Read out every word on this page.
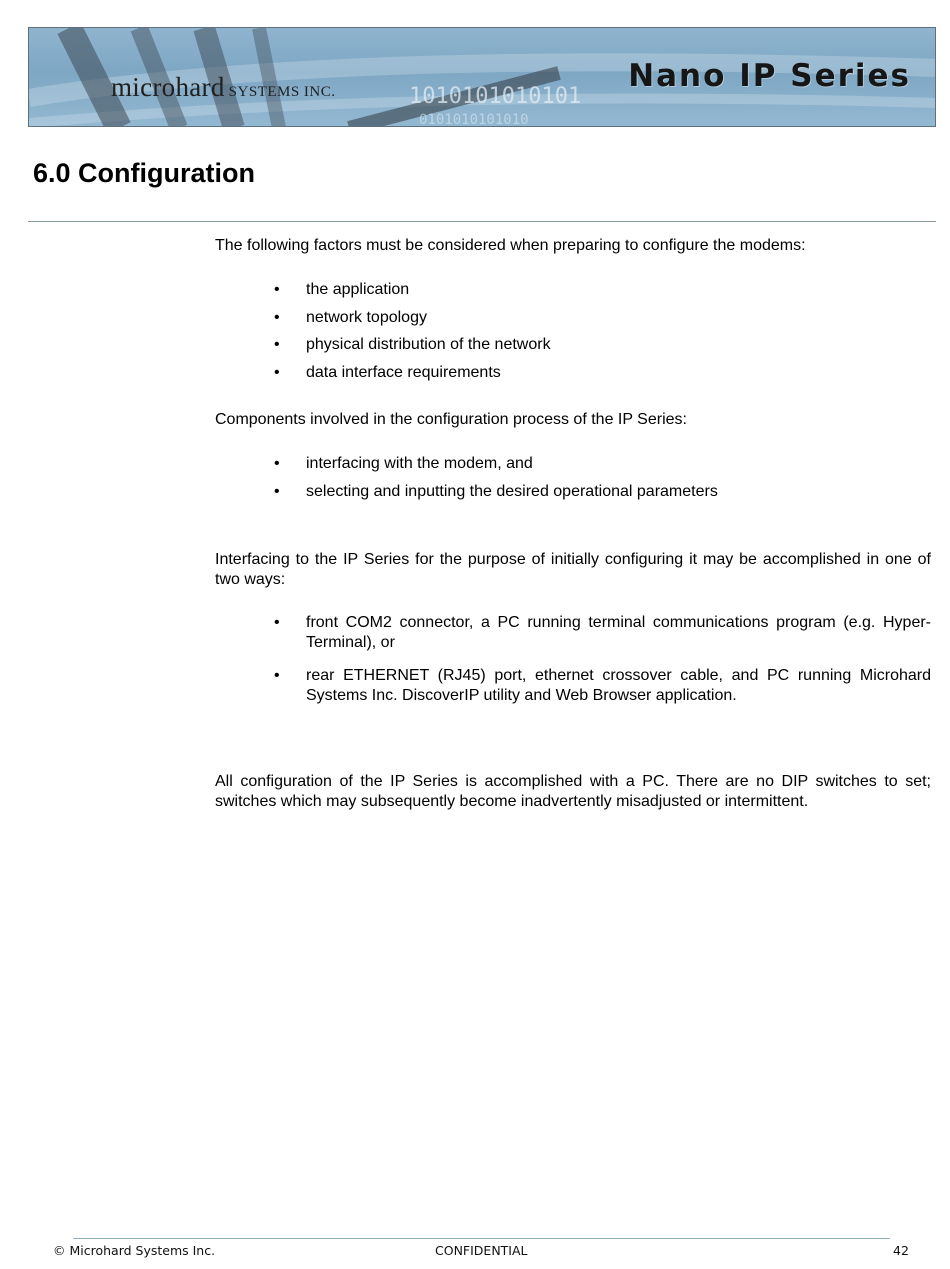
1010101010101
0101010101010
microhard SYSTEMS INC.	Nano IP Series
6.0 Configuration

The following factors must be considered when preparing to configure the modems:

• the application
• network topology
• physical distribution of the network
• data interface requirements

Components involved in the configuration process of the IP Series:

• interfacing with the modem, and
• selecting and inputting the desired operational parameters

Interfacing to the IP Series for the purpose of initially configuring it may be accomplished in one of two ways:

• front COM2 connector, a PC running terminal communications program (e.g. Hyper-Terminal), or
• rear ETHERNET (RJ45) port, ethernet crossover cable, and PC running Microhard Systems Inc. DiscoverIP utility and Web Browser application.

All configuration of the IP Series is accomplished with a PC. There are no DIP switches to set; switches which may subsequently become inadvertently misadjusted or intermittent.

© Microhard Systems Inc.	CONFIDENTIAL	42
